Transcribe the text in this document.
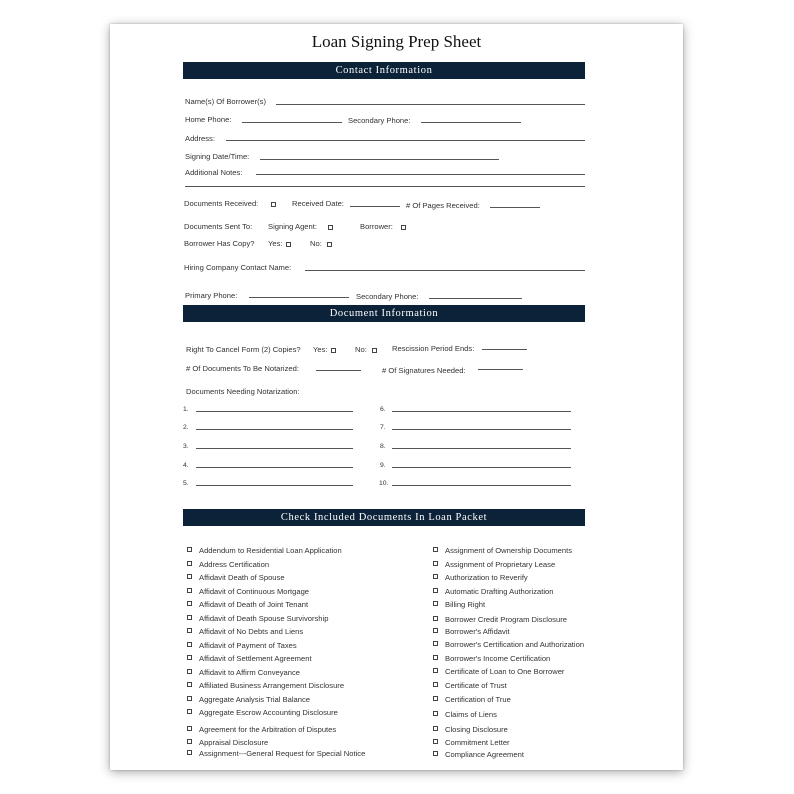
Loan Signing Prep Sheet
Contact Information
Name(s) Of Borrower(s)
Home Phone:	Secondary Phone:
Address:
Signing Date/Time:
Additional Notes:
Documents Received:	Received Date:	# Of Pages Received:
Documents Sent To: Signing Agent:	Borrower:
Borrower Has Copy? Yes:	No:
Hiring Company Contact Name:
Primary Phone:	Secondary Phone:
Document Information
Right To Cancel Form (2) Copies? Yes:	No:	Rescission Period Ends:
# Of Documents To Be Notarized:	# Of Signatures Needed:
Documents Needing Notarization:
1.
2.
3.
4.
5.
6.
7.
8.
9.
10.
Check Included Documents In Loan Packet
Addendum to Residential Loan Application
Address Certification
Affidavit Death of Spouse
Affidavit of Continuous Mortgage
Affidavit of Death of Joint Tenant
Affidavit of Death Spouse Survivorship
Affidavit of No Debts and Liens
Affidavit of Payment of Taxes
Affidavit of Settlement Agreement
Affidavit to Affirm Conveyance
Affiliated Business Arrangement Disclosure
Aggregate Analysis Trial Balance
Aggregate Escrow Accounting Disclosure
Agreement for the Arbitration of Disputes
Appraisal Disclosure
Assignment---General Request for Special Notice
Assignment of Ownership Documents
Assignment of Proprietary Lease
Authorization to Reverify
Automatic Drafting Authorization
Billing Right
Borrower Credit Program Disclosure
Borrower's Affidavit
Borrower's Certification and Authorization
Borrower's Income Certification
Certificate of Loan to One Borrower
Certificate of Trust
Certification of True
Claims of Liens
Closing Disclosure
Commitment Letter
Compliance Agreement
